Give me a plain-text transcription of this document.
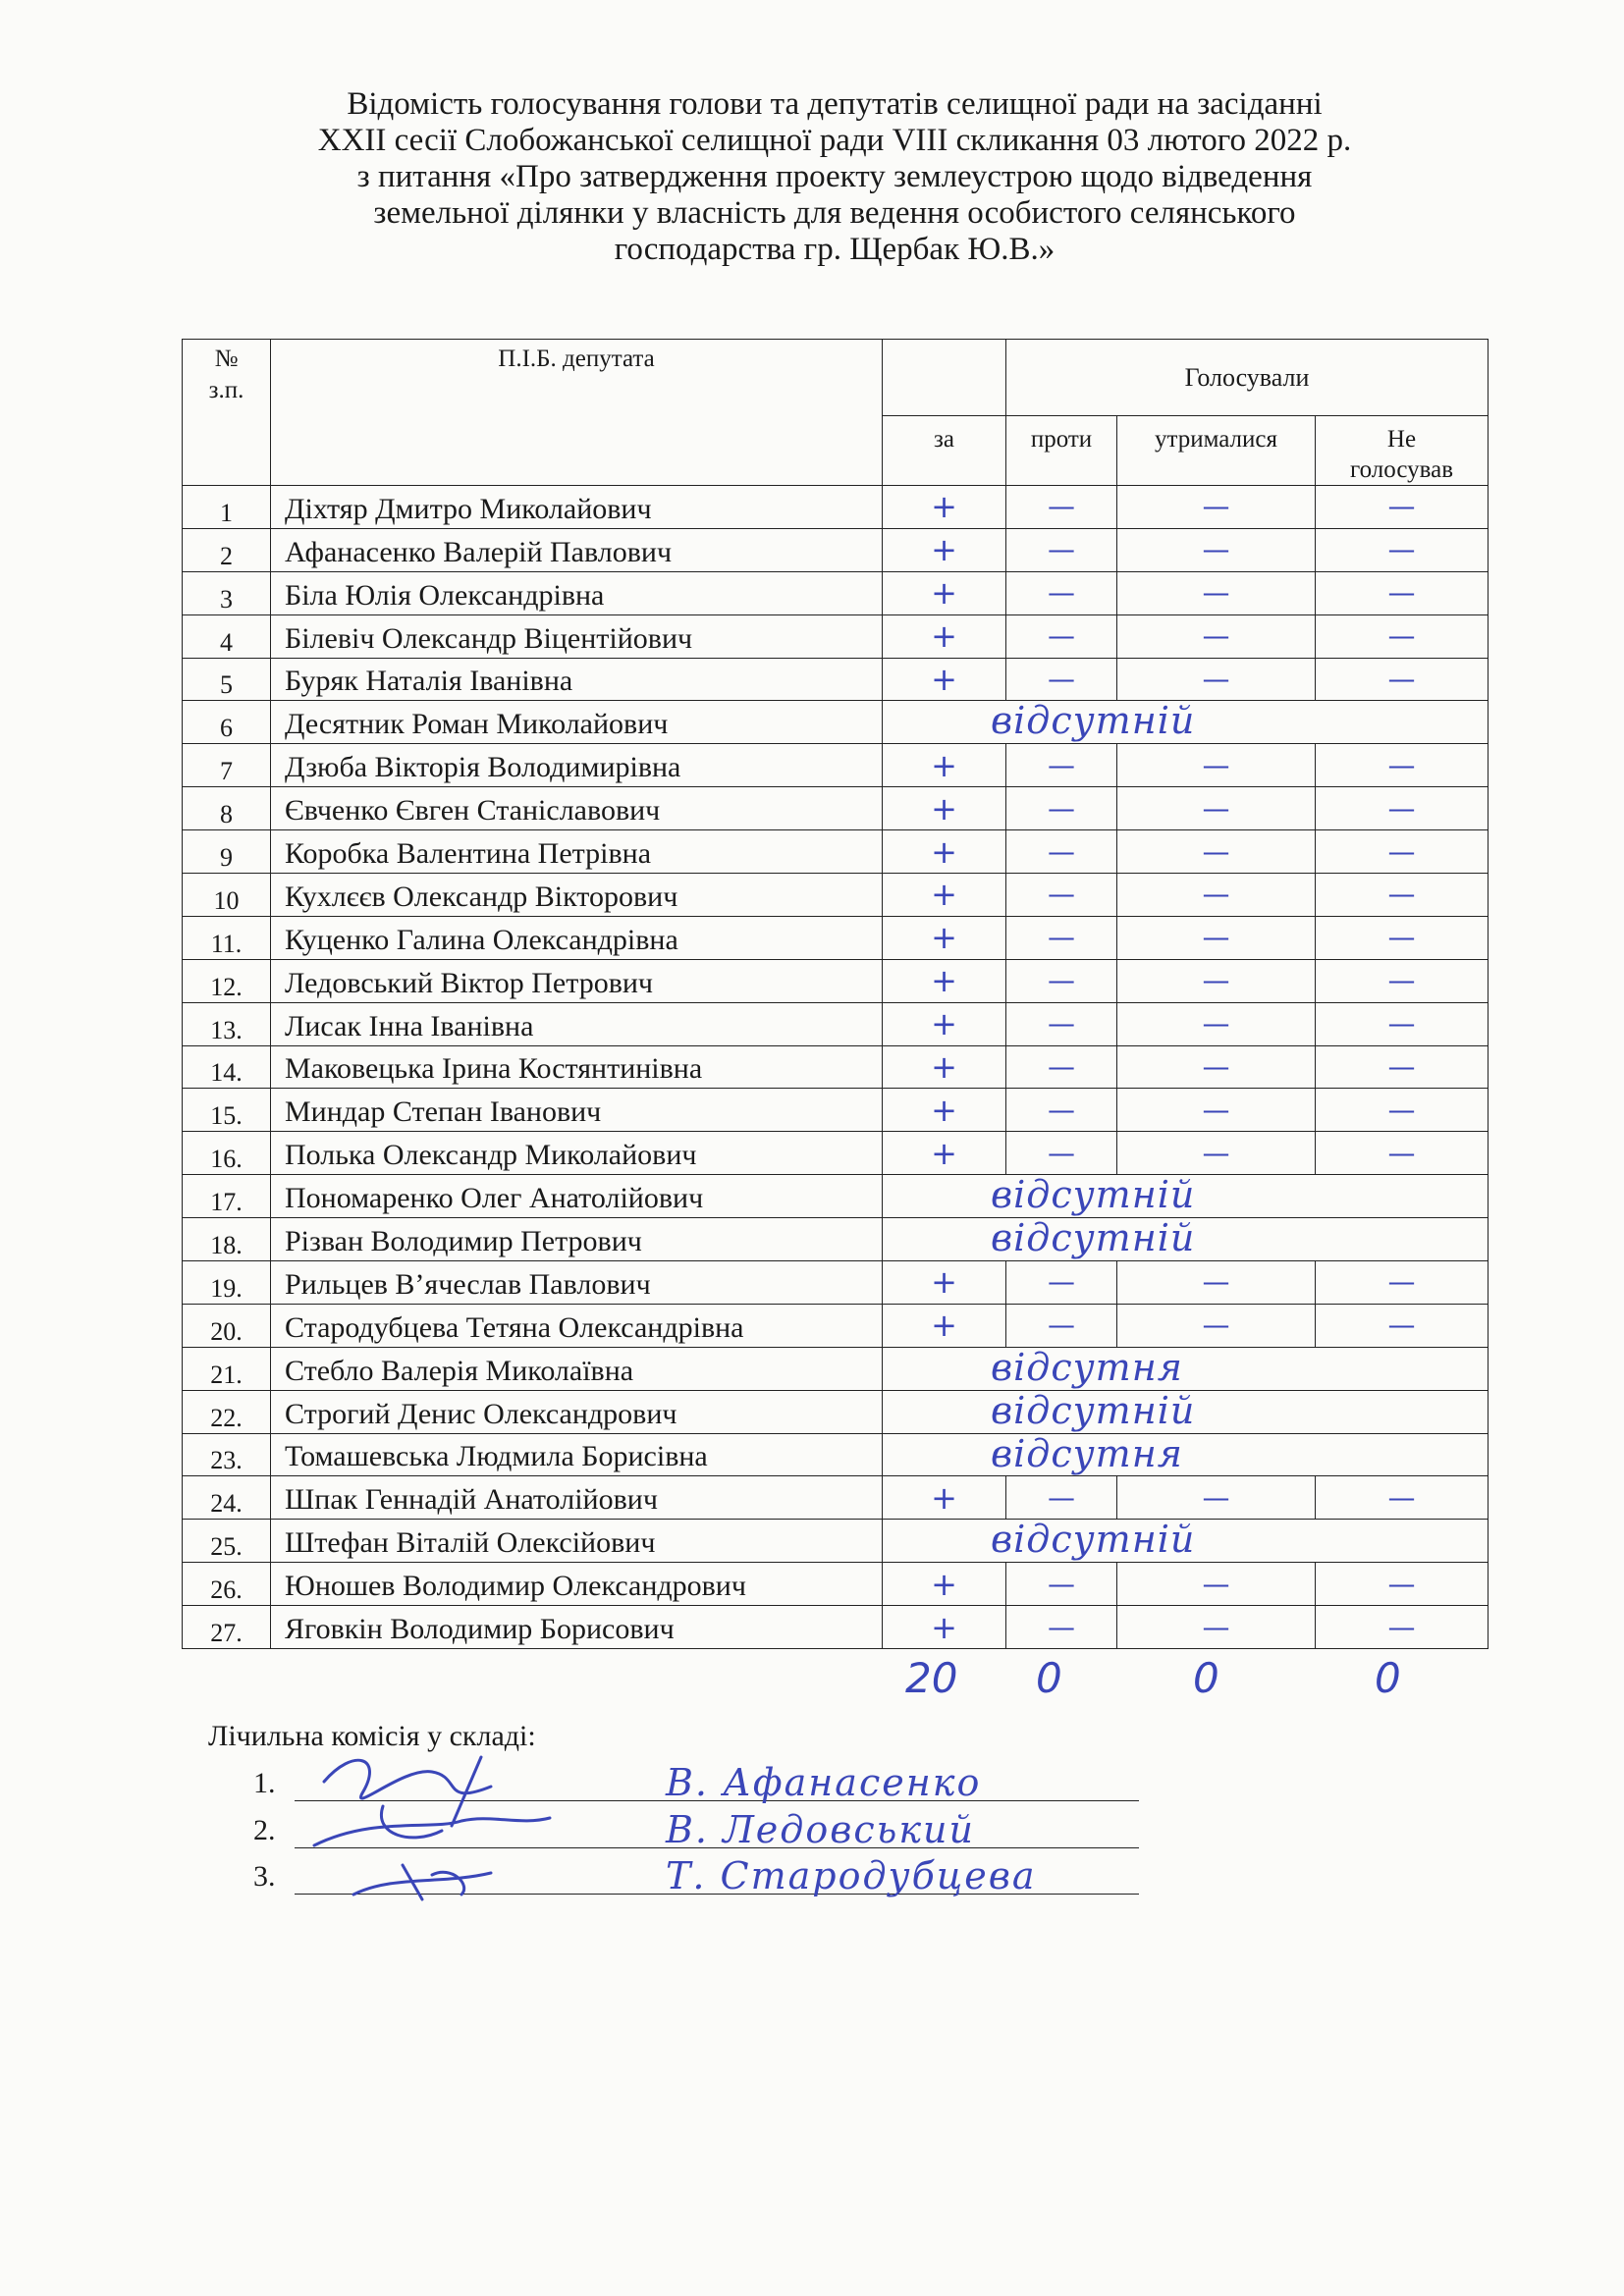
Відомість голосування голови та депутатів селищної ради на засіданні
XXII сесії Слобожанської селищної ради VIII скликання 03 лютого 2022 р.
з питання «Про затвердження проекту землеустрою щодо відведення
земельної ділянки у власність для ведення особистого селянського
господарства гр. Щербак Ю.В.»
№
з.п.	П.І.Б. депутата		Голосували		
		за	проти	утрималися	Не
голосував
1	Діхтяр Дмитро Миколайович	+	—	—	—
2	Афанасенко Валерій Павлович	+	—	—	—
3	Біла Юлія Олександрівна	+	—	—	—
4	Білевіч Олександр Віцентійович	+	—	—	—
5	Буряк Наталія Іванівна	+	—	—	—
6	Десятник Роман Миколайович	відсутній			

7	Дзюба Вікторія Володимирівна	+	—	—	—
8	Євченко Євген Станіславович	+	—	—	—
9	Коробка Валентина Петрівна	+	—	—	—
10	Кухлєєв Олександр Вікторович	+	—	—	—
11.	Куценко Галина Олександрівна	+	—	—	—
12.	Ледовський Віктор Петрович	+	—	—	—
13.	Лисак Інна Іванівна	+	—	—	—
14.	Маковецька Ірина Костянтинівна	+	—	—	—
15.	Миндар Степан Іванович	+	—	—	—
16.	Полька Олександр Миколайович	+	—	—	—
17.	Пономаренко Олег Анатолійович	відсутній			

18.	Різван Володимир Петрович	відсутній			

19.	Рильцев В’ячеслав Павлович	+	—	—	—
20.	Стародубцева Тетяна Олександрівна	+	—	—	—
21.	Стебло Валерія Миколаївна	відсутня			

22.	Строгий Денис Олександрович	відсутній			

23.	Томашевська Людмила Борисівна	відсутня			

24.	Шпак Геннадій Анатолійович	+	—	—	—
25.	Штефан Віталій Олексійович	відсутній			

26.	Юношев Володимир Олександрович	+	—	—	—
27.	Яговкін Володимир Борисович	+	—	—	—
20 0	0	0
Лічильна комісія у складі:
1.	В. Афанасенко
2.	В. Ледовський
3.	Т. Стародубцева
